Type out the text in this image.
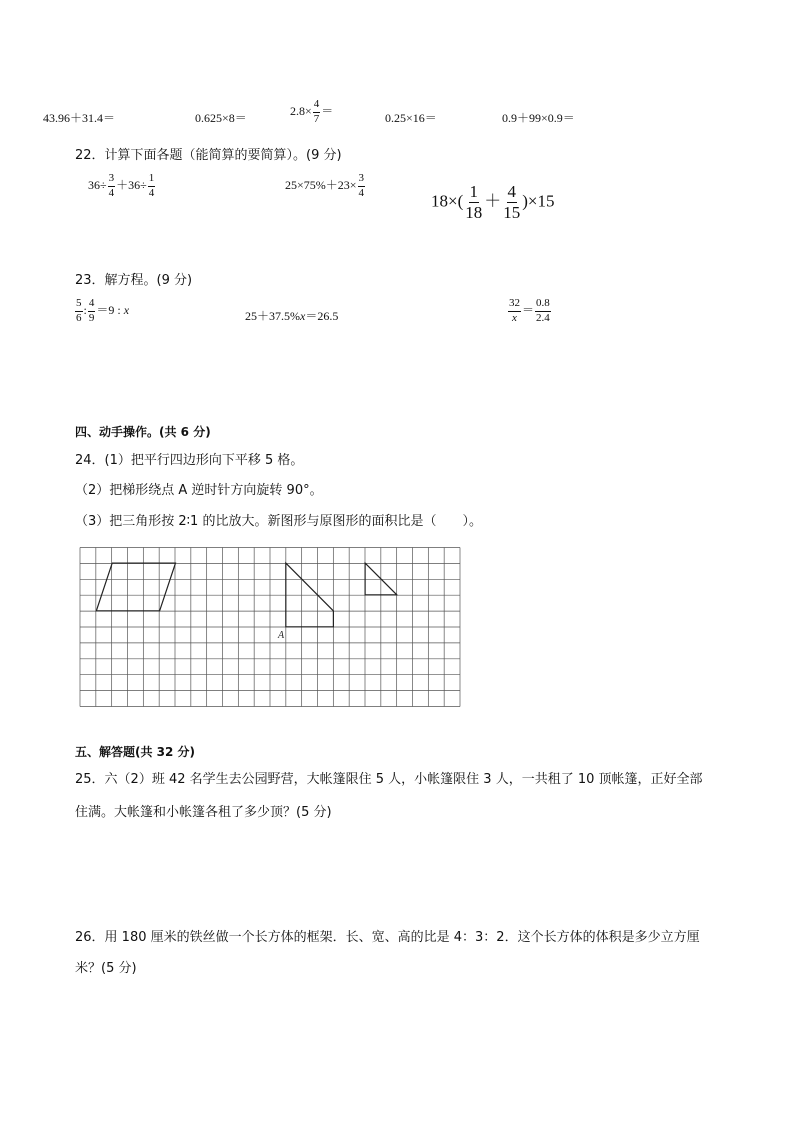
43.96＋31.4＝	0.625×8＝
$2.8\times \frac{4}{7}$ ＝
0.25×16＝	0.9＋99×0.9＝
22．计算下面各题（能简算的要简算）。(9 分)
$36\div \frac{3}{4} +36\div \frac{1}{4}$	$25\times 75\%+23\times \frac{3}{4}$
$18\times( \frac{1}{18} + \frac{4}{15} )\times 15$
23．解方程。(9 分)
$\frac{5}{6}$ : $\frac{4}{9} =9$ : x	25＋37.5%x＝26.5	$\frac{32}{x} = \frac{0.8}{2.4}$
四、动手操作。(共 6 分)
24．(1）把平行四边形向下平移 5 格。
（2）把梯形绕点 A 逆时针方向旋转 90°。
（3）把三角形按 2∶1 的比放大。新图形与原图形的面积比是（　　）。
A
五、解答题(共 32 分)
25．六（2）班 42 名学生去公园野营，大帐篷限住 5 人，小帐篷限住 3 人，一共租了 10 顶帐篷，正好全部
住满。大帐篷和小帐篷各租了多少顶？(5 分)
26．用 180 厘米的铁丝做一个长方体的框架．长、宽、高的比是 4：3：2．这个长方体的体积是多少立方厘
米？(5 分)
